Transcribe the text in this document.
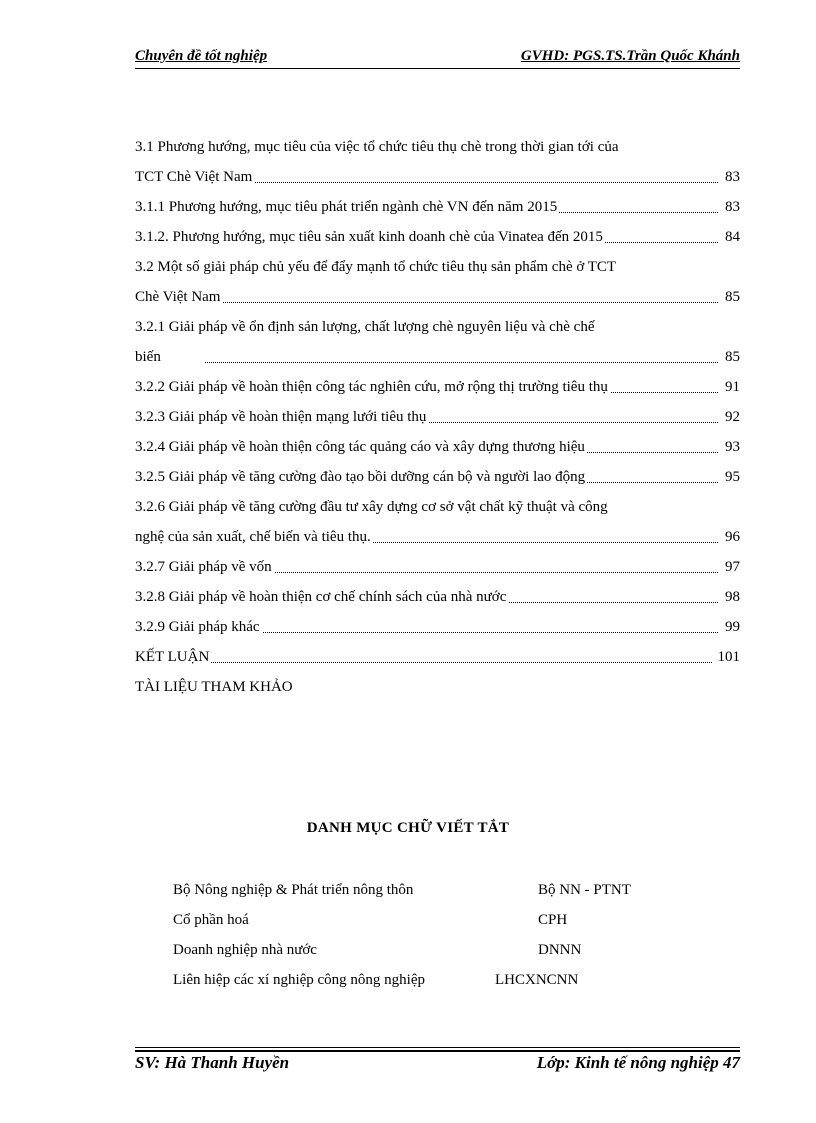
Chuyên đề tốt nghiệp	GVHD: PGS.TS.Trần Quốc Khánh
3.1 Phương hướng, mục tiêu của việc tổ chức tiêu thụ chè trong thời gian tới của
TCT Chè Việt Nam	83
3.1.1 Phương hướng, mục tiêu phát triển ngành chè VN đến năm 2015	83
3.1.2. Phương hướng, mục tiêu sản xuất kinh doanh chè của Vinatea đến 2015	84
3.2 Một số giải pháp chủ yếu để đẩy mạnh tổ chức tiêu thụ sản phẩm chè ở TCT
Chè Việt Nam	85
3.2.1 Giải pháp về ổn định sản lượng, chất lượng chè nguyên liệu và chè chế
biến	85
3.2.2 Giải pháp về hoàn thiện công tác nghiên cứu, mở rộng thị trường tiêu thụ	91
3.2.3 Giải pháp về hoàn thiện mạng lưới tiêu thụ	92
3.2.4 Giải pháp về hoàn thiện công tác quảng cáo và xây dựng thương hiệu	93
3.2.5 Giải pháp về tăng cường đào tạo bồi dưỡng cán bộ và người lao động	95
3.2.6 Giải pháp về tăng cường đầu tư xây dựng cơ sở vật chất kỹ thuật và công
nghệ của sản xuất, chế biến và tiêu thụ.	96
3.2.7 Giải pháp về vốn	97
3.2.8 Giải pháp về hoàn thiện cơ chế chính sách của nhà nước	98
3.2.9 Giải pháp khác	99
KẾT LUẬN	101
TÀI LIỆU THAM KHẢO
DANH MỤC CHỮ VIẾT TẮT
Bộ Nông nghiệp & Phát triển nông thôn	Bộ NN - PTNT
Cổ phần hoá	CPH
Doanh nghiệp nhà nước	DNNN
Liên hiệp các xí nghiệp công nông nghiệp	LHCXNCNN
SV: Hà Thanh Huyền	Lớp: Kinh tế nông nghiệp 47
